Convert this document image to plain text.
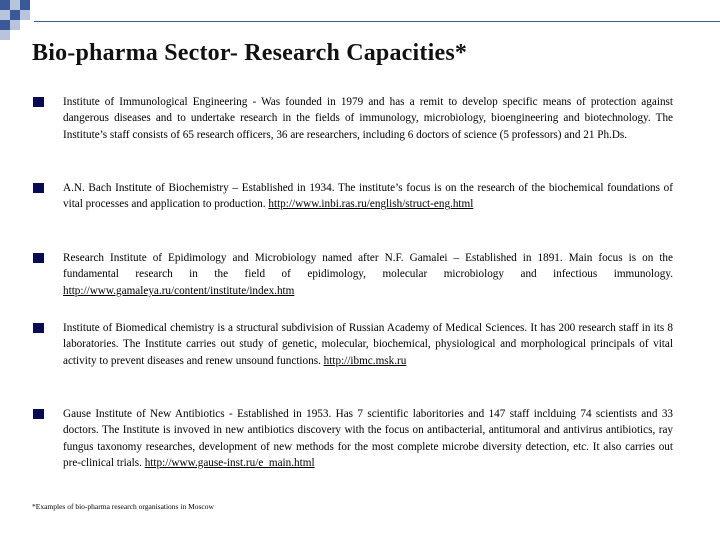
Bio-pharma Sector- Research Capacities*
Institute of Immunological Engineering - Was founded in 1979 and has a remit to develop specific means of protection against dangerous diseases and to undertake research in the fields of immunology, microbiology, bioengineering and biotechnology. The Institute’s staff consists of 65 research officers, 36 are researchers, including 6 doctors of science (5 professors) and 21 Ph.Ds.
A.N. Bach Institute of Biochemistry – Established in 1934. The institute’s focus is on the research of the biochemical foundations of vital processes and application to production. http://www.inbi.ras.ru/english/struct-eng.html
Research Institute of Epidimology and Microbiology named after N.F. Gamalei – Established in 1891. Main focus is on the fundamental research in the field of epidimology, molecular microbiology and infectious immunology. http://www.gamaleya.ru/content/institute/index.htm
Institute of Biomedical chemistry is a structural subdivision of Russian Academy of Medical Sciences. It has 200 research staff in its 8 laboratories. The Institute carries out study of genetic, molecular, biochemical, physiological and morphological principals of vital activity to prevent diseases and renew unsound functions. http://ibmc.msk.ru
Gause Institute of New Antibiotics - Established in 1953. Has 7 scientific laboritories and 147 staff inclduing 74 scientists and 33 doctors. The Institute is invoved in new antibiotics discovery with the focus on antibacterial, antitumoral and antivirus antibiotics, ray fungus taxonomy researches, development of new methods for the most complete microbe diversity detection, etc. It also carries out pre-clinical trials. http://www.gause-inst.ru/e_main.html
*Examples of bio-pharma research organisations in Moscow
